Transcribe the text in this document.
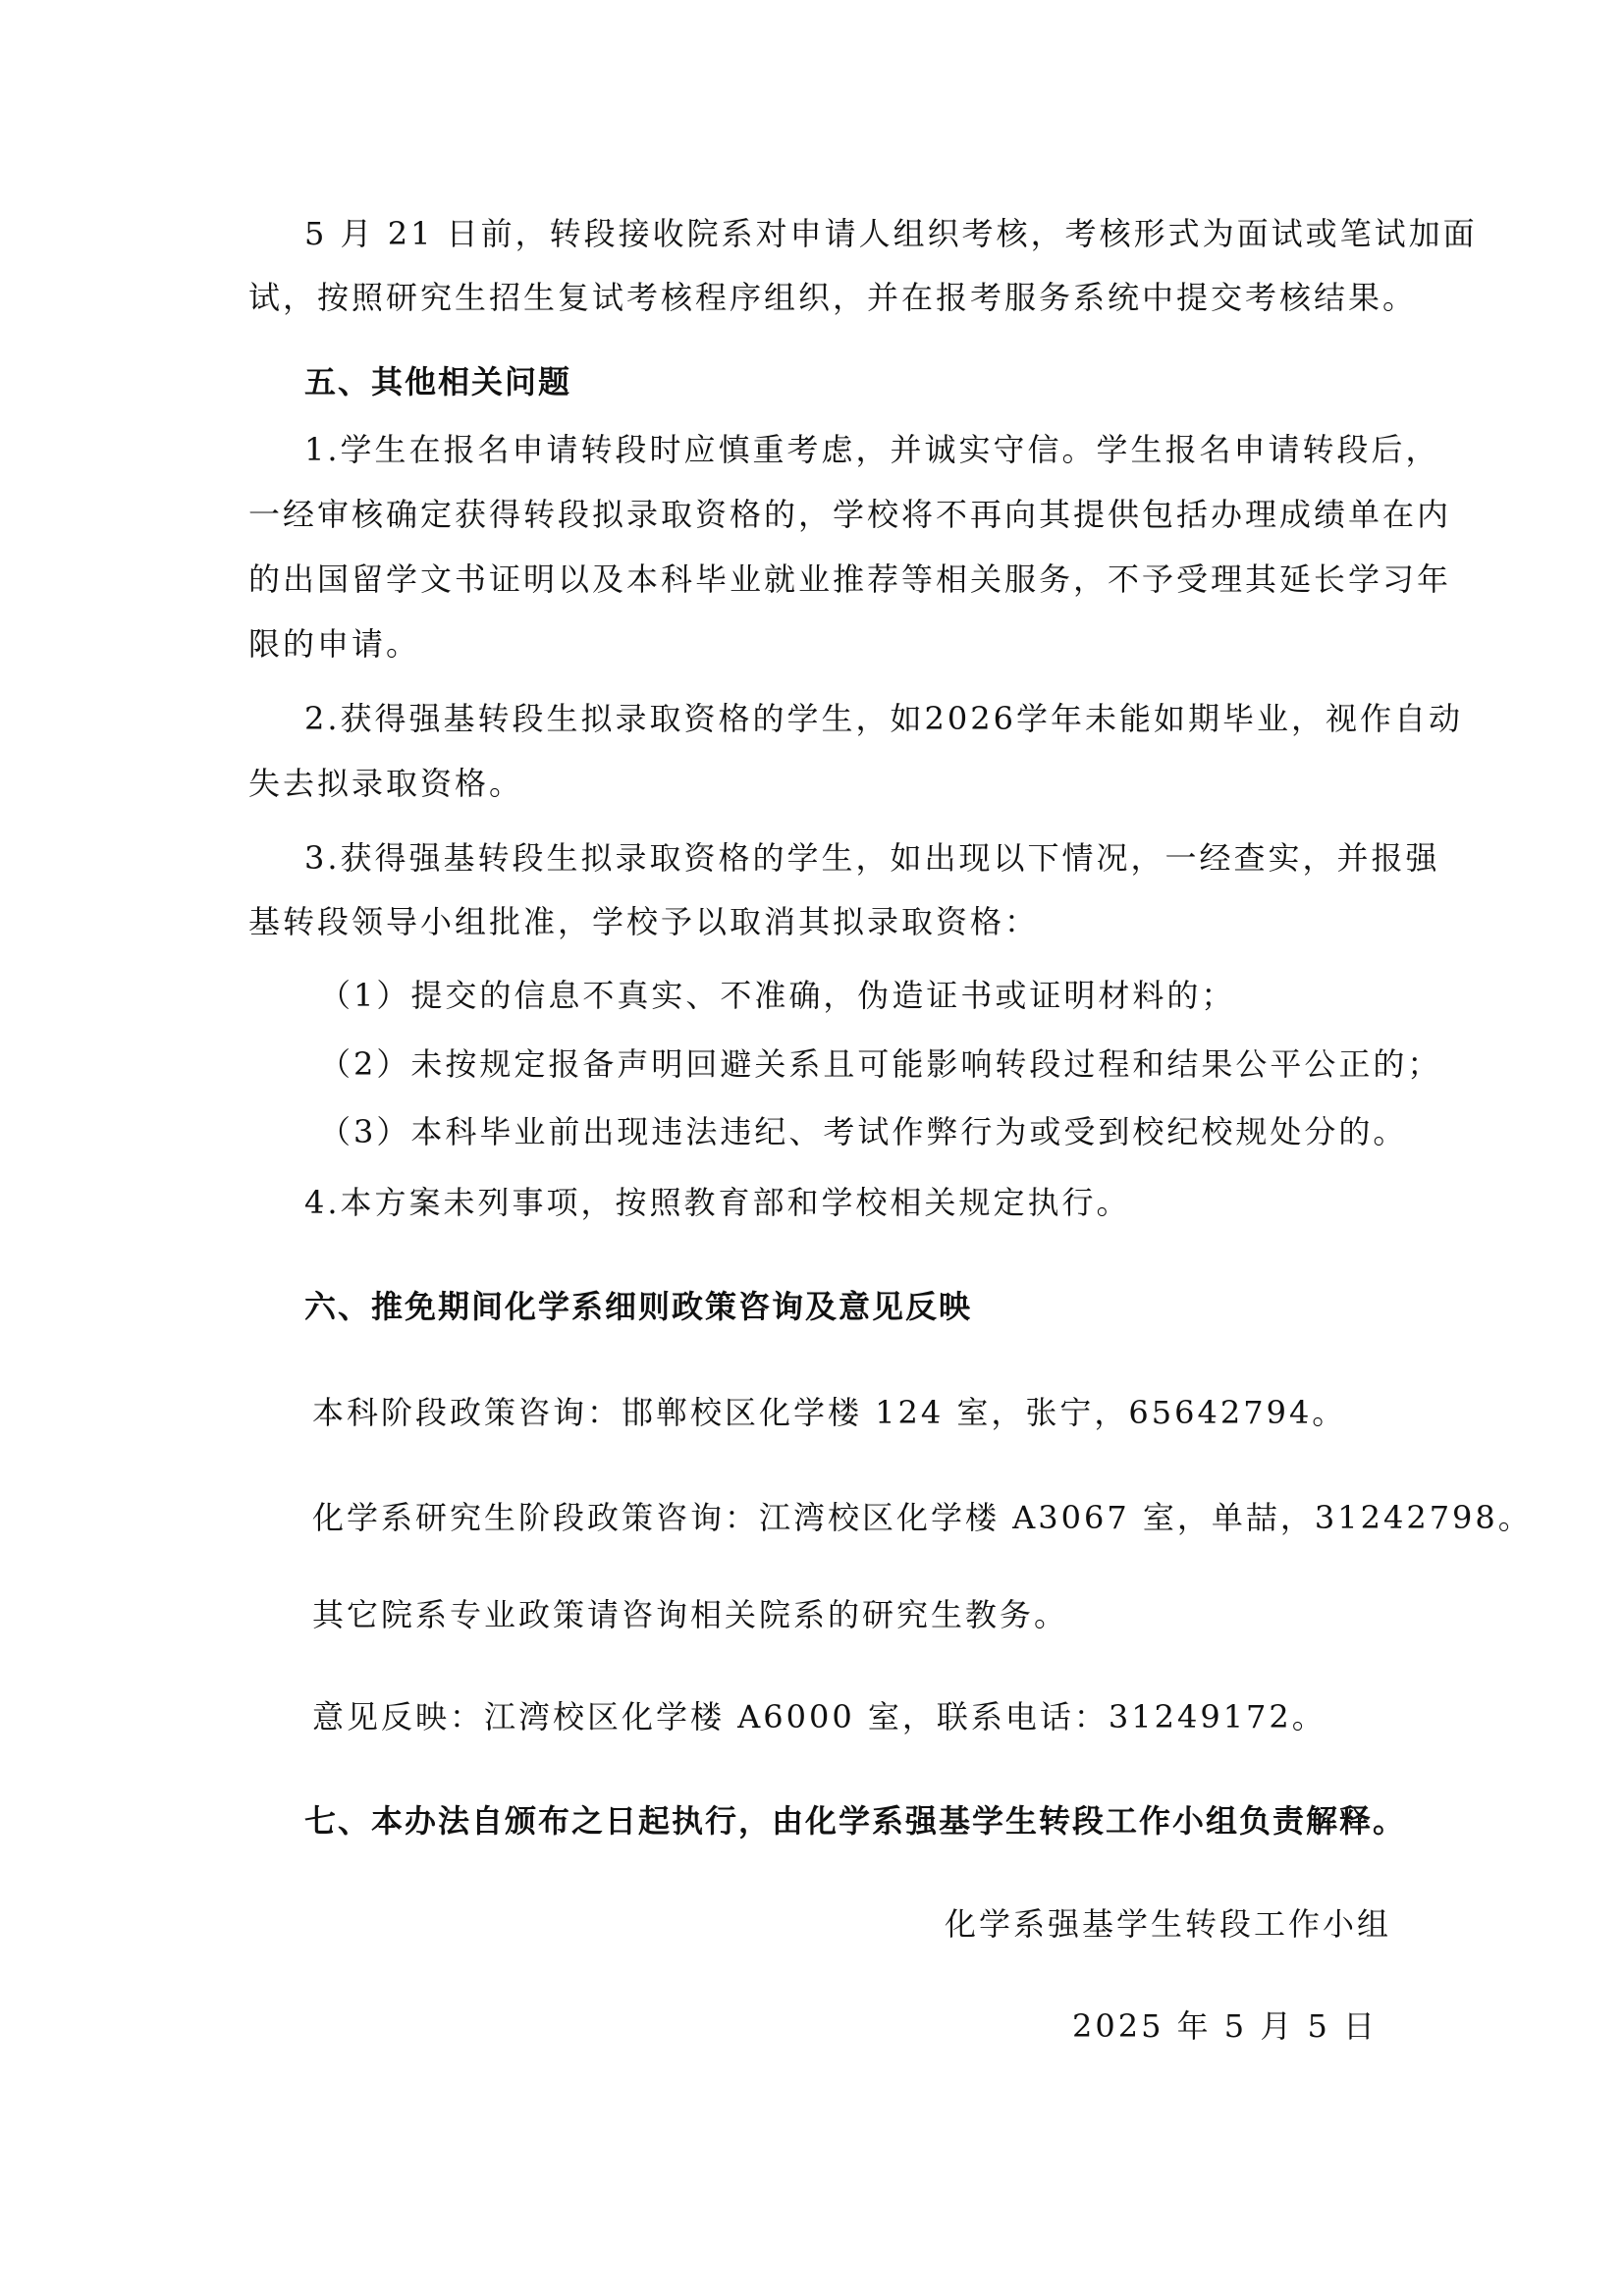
5 月 21 日前，转段接收院系对申请人组织考核，考核形式为面试或笔试加面
试，按照研究生招生复试考核程序组织，并在报考服务系统中提交考核结果。
五、其他相关问题
1.学生在报名申请转段时应慎重考虑，并诚实守信。学生报名申请转段后，
一经审核确定获得转段拟录取资格的，学校将不再向其提供包括办理成绩单在内
的出国留学文书证明以及本科毕业就业推荐等相关服务，不予受理其延长学习年
限的申请。
2.获得强基转段生拟录取资格的学生，如2026学年未能如期毕业，视作自动
失去拟录取资格。
3.获得强基转段生拟录取资格的学生，如出现以下情况，一经查实，并报强
基转段领导小组批准，学校予以取消其拟录取资格：
（1）提交的信息不真实、不准确，伪造证书或证明材料的；
（2）未按规定报备声明回避关系且可能影响转段过程和结果公平公正的；
（3）本科毕业前出现违法违纪、考试作弊行为或受到校纪校规处分的。
4.本方案未列事项，按照教育部和学校相关规定执行。
六、推免期间化学系细则政策咨询及意见反映
本科阶段政策咨询：邯郸校区化学楼 124 室，张宁，65642794。
化学系研究生阶段政策咨询：江湾校区化学楼 A3067 室，单喆，31242798。
其它院系专业政策请咨询相关院系的研究生教务。
意见反映：江湾校区化学楼 A6000 室，联系电话：31249172。
七、本办法自颁布之日起执行，由化学系强基学生转段工作小组负责解释。
化学系强基学生转段工作小组
2025 年 5 月 5 日
